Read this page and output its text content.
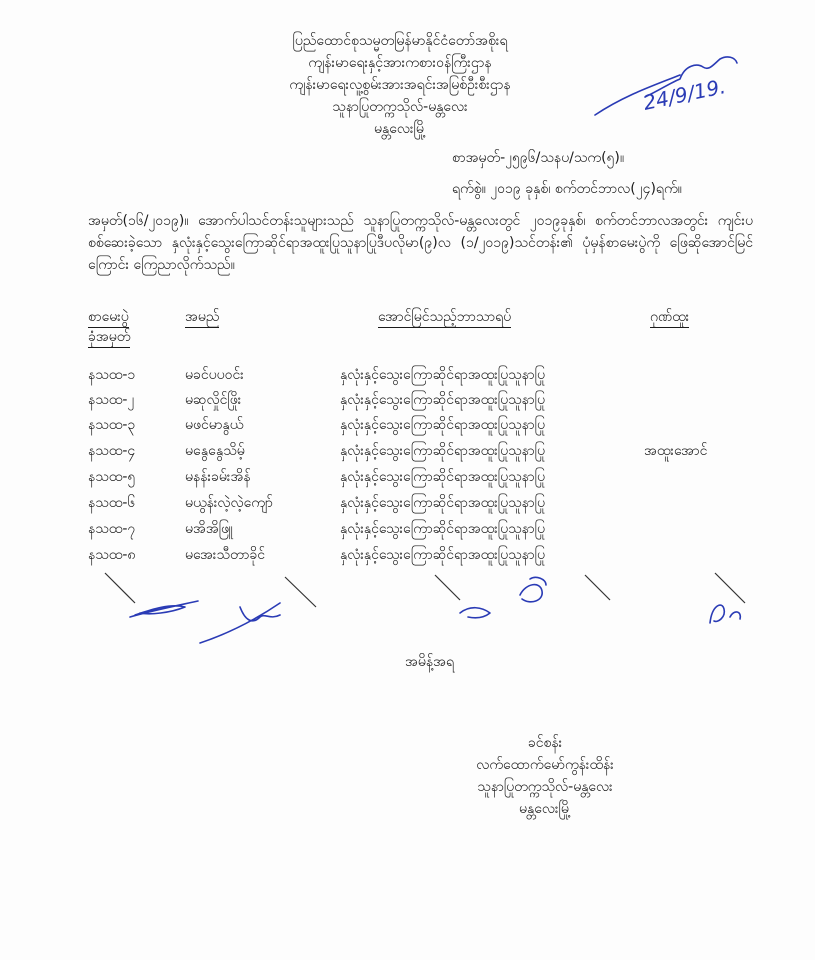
ပြည်ထောင်စုသမ္မတမြန်မာနိုင်ငံတော်အစိုးရ
ကျန်းမာရေးနှင့်အားကစားဝန်ကြီးဌာန
ကျန်းမာရေးလူ့စွမ်းအားအရင်းအမြစ်ဦးစီးဌာန
သူနာပြုတက္ကသိုလ်-မန္တလေး
မန္တလေးမြို့
24/9/19.
စာအမှတ်-၂၅၉၆/သနပ/သက(၅)။
ရက်စွဲ။ ၂၀၁၉ ခုနှစ်၊ စက်တင်ဘာလ(၂၄)ရက်။
အမှတ်(၁၆/၂၀၁၉)။ အောက်ပါသင်တန်းသူများသည် သူနာပြုတက္ကသိုလ်-မန္တလေးတွင် ၂၀၁၉ခုနှစ်၊ စက်တင်ဘာလအတွင်း ကျင်းပစစ်ဆေးခဲ့သော နှလုံးနှင့်သွေးကြောဆိုင်ရာအထူးပြုသူနာပြုဒီပလိုမာ(၉)လ (၁/၂၀၁၉)သင်တန်း၏ ပုံမှန်စာမေးပွဲကို ဖြေဆိုအောင်မြင်ကြောင်း ကြေညာလိုက်သည်။
စာမေးပွဲ
ခုံအမှတ်
အမည်	အောင်မြင်သည့်ဘာသာရပ်	ဂုဏ်ထူး
နသထ-၁	မခင်ပပဝင်း	နှလုံးနှင့်သွေးကြောဆိုင်ရာအထူးပြုသူနာပြု
နသထ-၂	မဆုလှိုင်ဖြိုး	နှလုံးနှင့်သွေးကြောဆိုင်ရာအထူးပြုသူနာပြု
နသထ-၃	မဖင်မာနွယ်	နှလုံးနှင့်သွေးကြောဆိုင်ရာအထူးပြုသူနာပြု
နသထ-၄	မနွေနွေသိမ့်	နှလုံးနှင့်သွေးကြောဆိုင်ရာအထူးပြုသူနာပြု	အထူးအောင်
နသထ-၅	မနန်းခမ်းအိန်	နှလုံးနှင့်သွေးကြောဆိုင်ရာအထူးပြုသူနာပြု
နသထ-၆	မယွန်းလဲ့လဲ့ကျော်	နှလုံးနှင့်သွေးကြောဆိုင်ရာအထူးပြုသူနာပြု
နသထ-၇	မအိအိဖြူ	နှလုံးနှင့်သွေးကြောဆိုင်ရာအထူးပြုသူနာပြု
နသထ-၈	မအေးသီတာခိုင်	နှလုံးနှင့်သွေးကြောဆိုင်ရာအထူးပြုသူနာပြု
အမိန့်အရ
ခင်စန်း
လက်ထောက်မော်ကွန်းထိန်း
သူနာပြုတက္ကသိုလ်-မန္တလေး
မန္တလေးမြို့
